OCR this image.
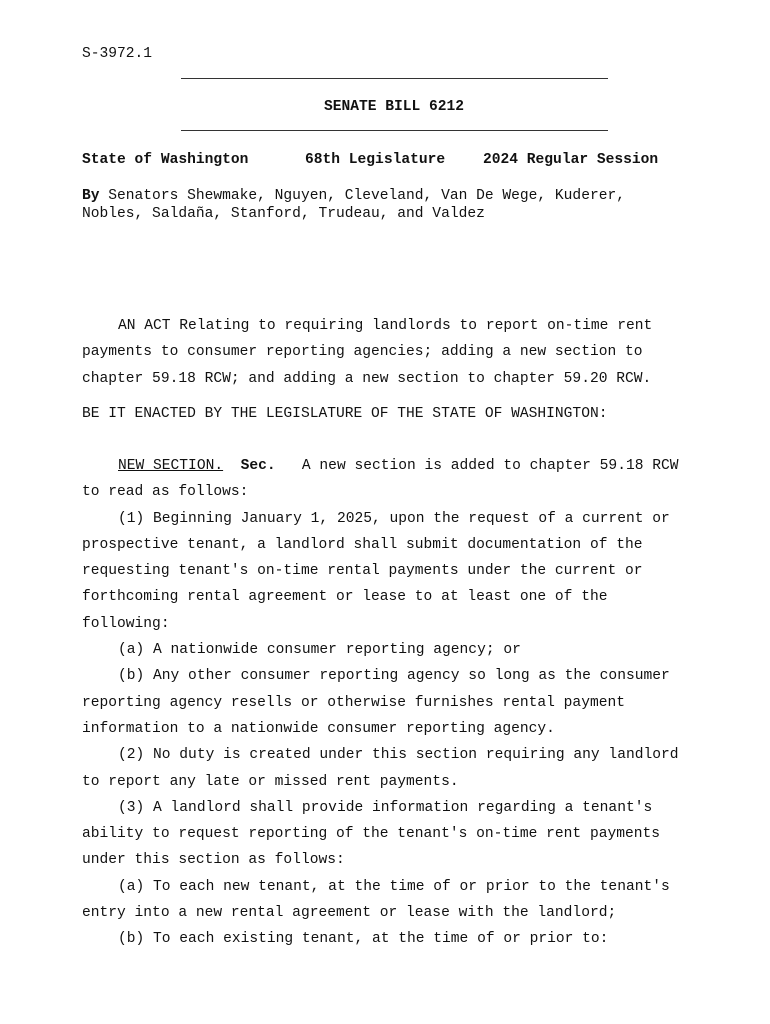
S-3972.1
SENATE BILL 6212
State of Washington	68th Legislature	2024 Regular Session
By Senators Shewmake, Nguyen, Cleveland, Van De Wege, Kuderer,
Nobles, Saldaña, Stanford, Trudeau, and Valdez
AN ACT Relating to requiring landlords to report on-time rent
payments to consumer reporting agencies; adding a new section to
chapter 59.18 RCW; and adding a new section to chapter 59.20 RCW.
BE IT ENACTED BY THE LEGISLATURE OF THE STATE OF WASHINGTON:
NEW SECTION. Sec.   A new section is added to chapter 59.18 RCW
to read as follows:
(1) Beginning January 1, 2025, upon the request of a current or
prospective tenant, a landlord shall submit documentation of the
requesting tenant's on-time rental payments under the current or
forthcoming rental agreement or lease to at least one of the
following:
(a) A nationwide consumer reporting agency; or
(b) Any other consumer reporting agency so long as the consumer
reporting agency resells or otherwise furnishes rental payment
information to a nationwide consumer reporting agency.
(2) No duty is created under this section requiring any landlord
to report any late or missed rent payments.
(3) A landlord shall provide information regarding a tenant's
ability to request reporting of the tenant's on-time rent payments
under this section as follows:
(a) To each new tenant, at the time of or prior to the tenant's
entry into a new rental agreement or lease with the landlord;
(b) To each existing tenant, at the time of or prior to:
